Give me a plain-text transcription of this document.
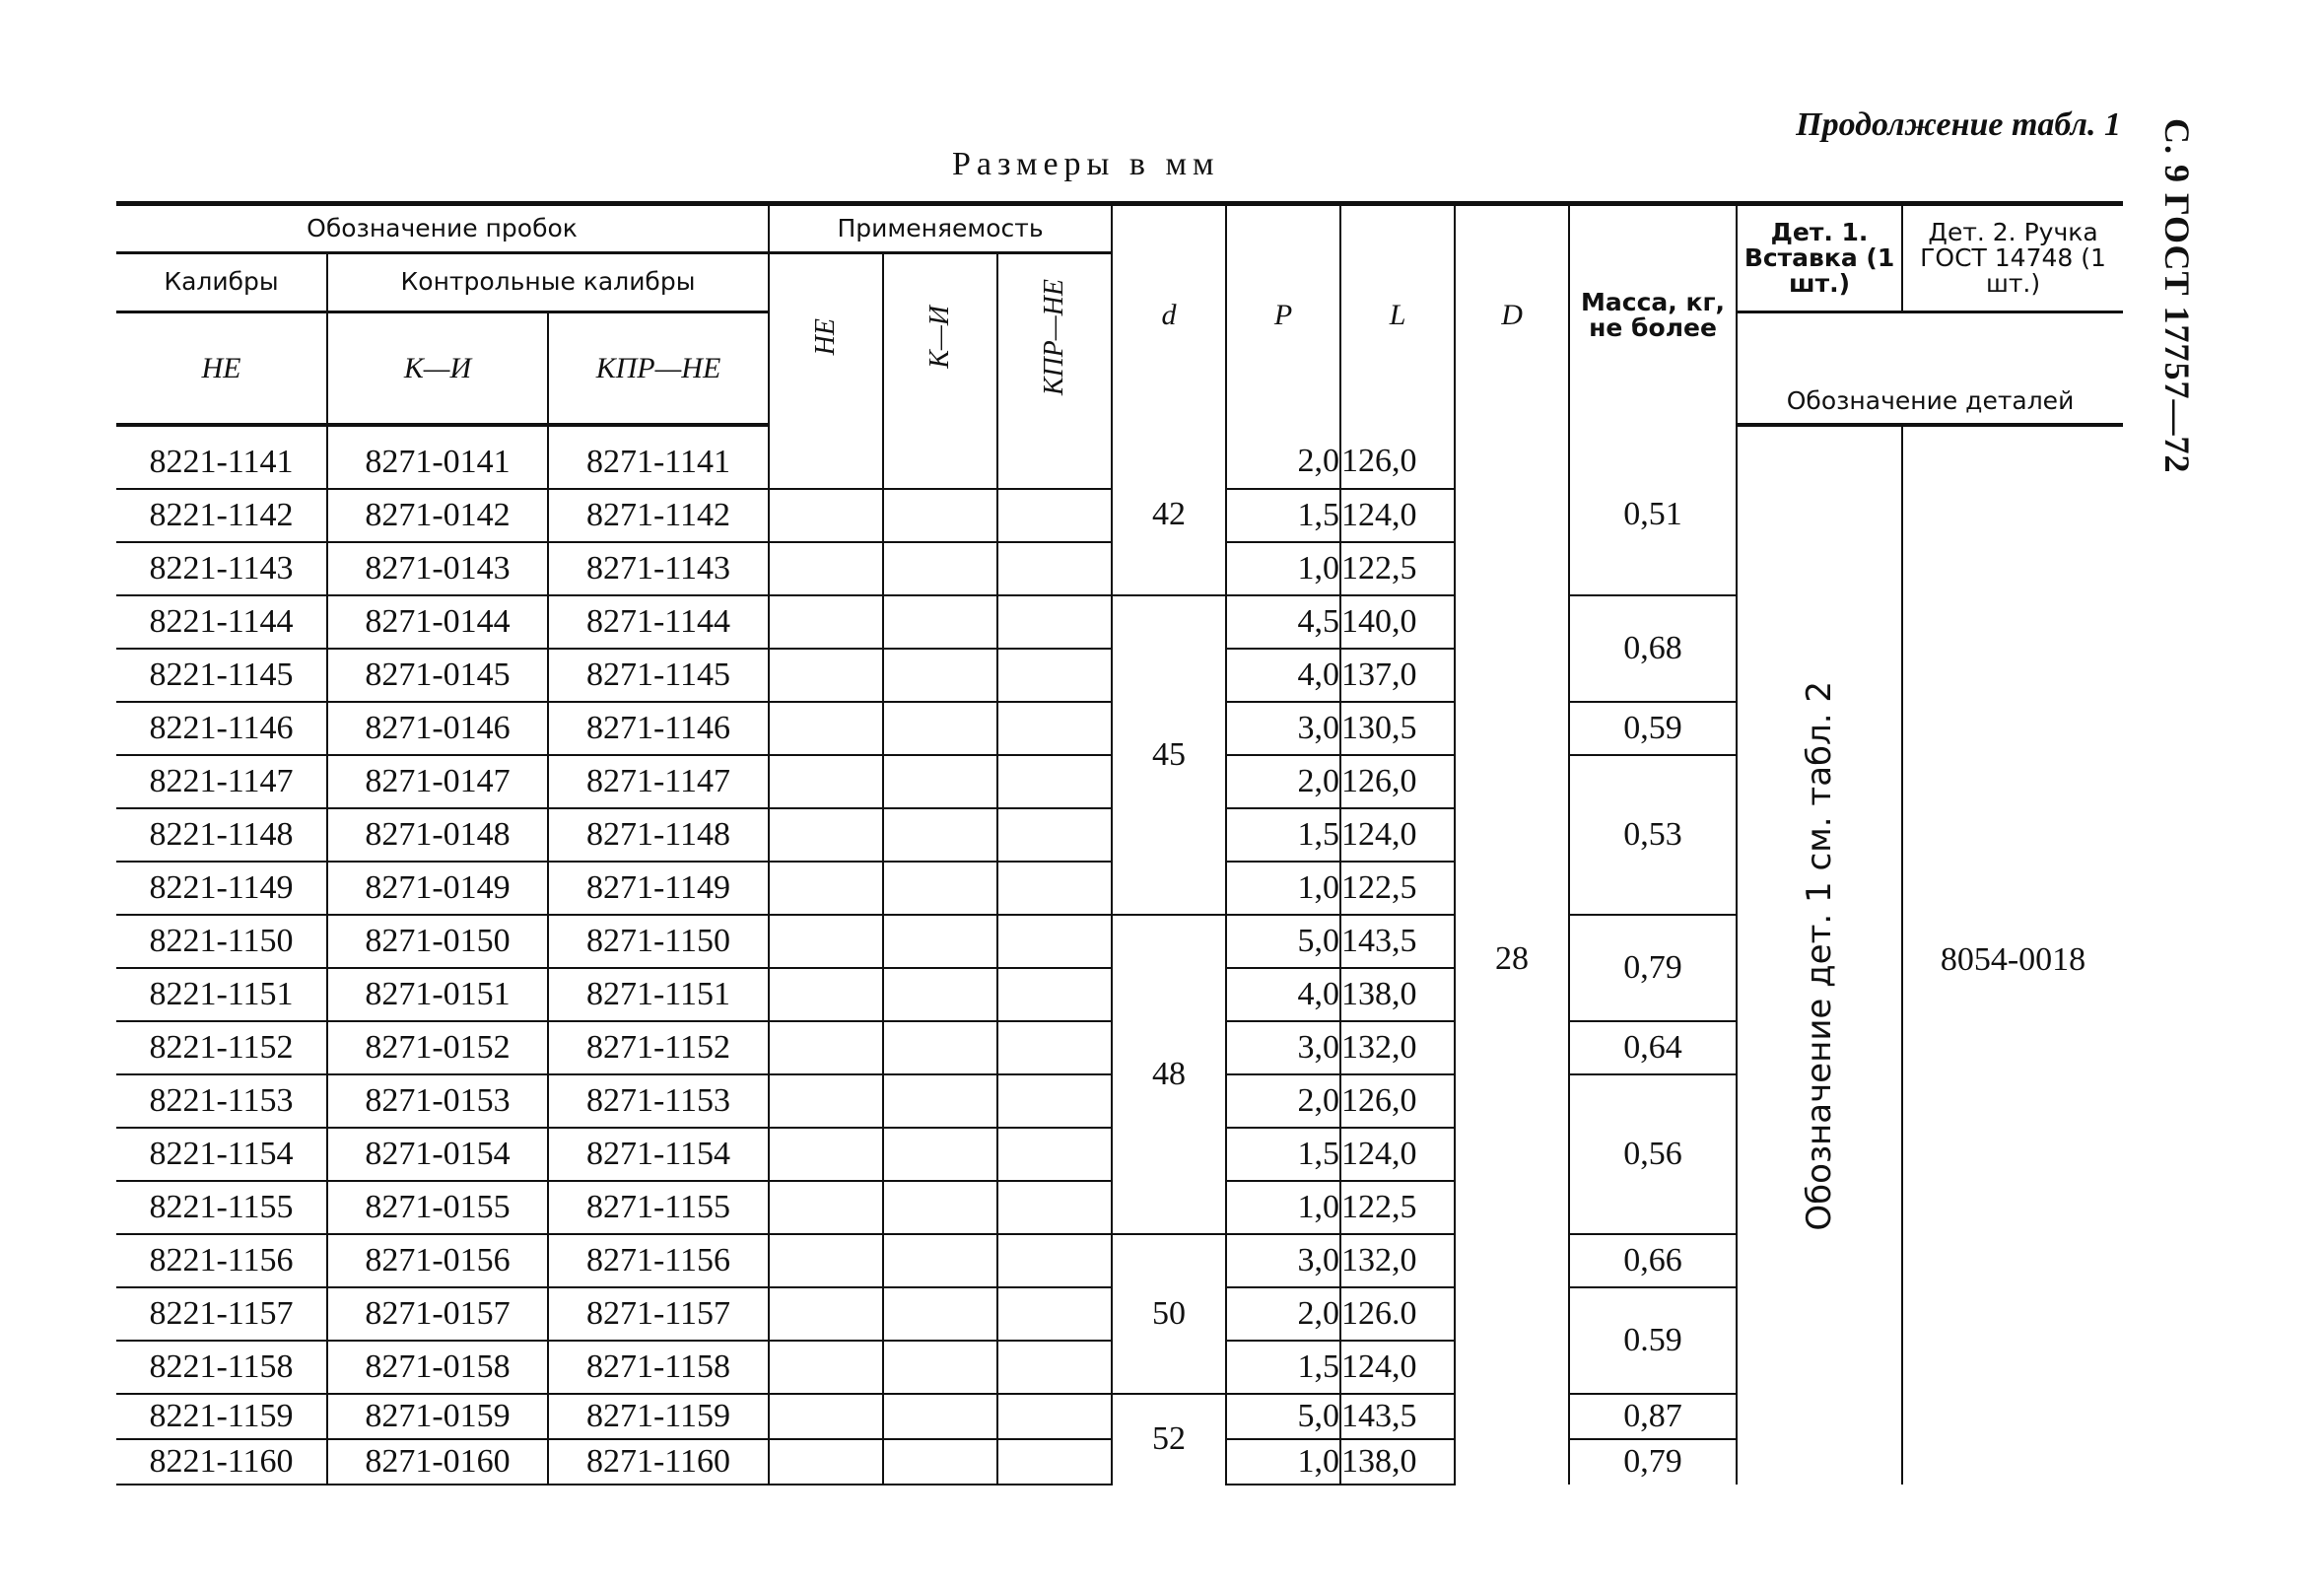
Продолжение табл. 1
Размеры в мм	С. 9 ГОСТ 17757—72
Обозначение пробок			Применяемость			d	P	L	D	Масса, кг, не более	Дет. 1. Вставка (1 шт.)	Дет. 2. Ручка ГОСТ 14748 (1 шт.)
Калибры	Контрольные калибры		НЕ	К—И	КПР—НЕ							
НЕ	К—И	КПР—НЕ									Обозначение деталей	
8221-1141	8271-0141	8271-1141				42	2,0	126,0	28	0,51	Обозначение дет. 1 см. табл. 2	8054-0018
8221-1142	8271-0142	8271-1142					1,5	124,0				
8221-1143	8271-0143	8271-1143					1,0	122,5				
8221-1144	8271-0144	8271-1144				45	4,5	140,0		0,68		
8221-1145	8271-0145	8271-1145					4,0	137,0				
8221-1146	8271-0146	8271-1146					3,0	130,5		0,59		
8221-1147	8271-0147	8271-1147					2,0	126,0		0,53		
8221-1148	8271-0148	8271-1148					1,5	124,0				
8221-1149	8271-0149	8271-1149					1,0	122,5				
8221-1150	8271-0150	8271-1150				48	5,0	143,5		0,79		
8221-1151	8271-0151	8271-1151					4,0	138,0				
8221-1152	8271-0152	8271-1152					3,0	132,0		0,64		
8221-1153	8271-0153	8271-1153					2,0	126,0		0,56		
8221-1154	8271-0154	8271-1154					1,5	124,0				
8221-1155	8271-0155	8271-1155					1,0	122,5				
8221-1156	8271-0156	8271-1156				50	3,0	132,0		0,66		
8221-1157	8271-0157	8271-1157					2,0	126.0		0.59		
8221-1158	8271-0158	8271-1158					1,5	124,0				
8221-1159	8271-0159	8271-1159				52	5,0	143,5		0,87		
8221-1160	8271-0160	8271-1160					1,0	138,0		0,79		
